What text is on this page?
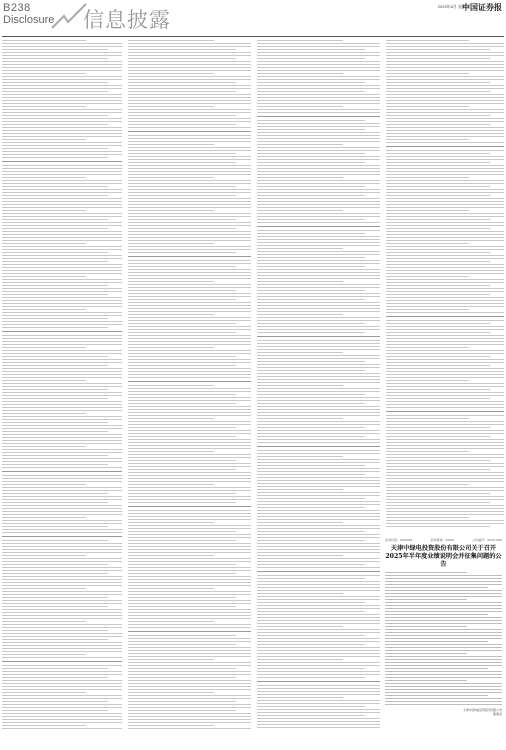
B238
Disclosure 信息披露
2025年8月 星期五
中国证券报
证券代码：00XXXX	证券简称：XXXX	公告编号：2025-0XX
天津中绿电投资股份有限公司关于召开
2025年半年度业绩说明会并征集问题的公告
天津中绿电投资股份有限公司
董事会
